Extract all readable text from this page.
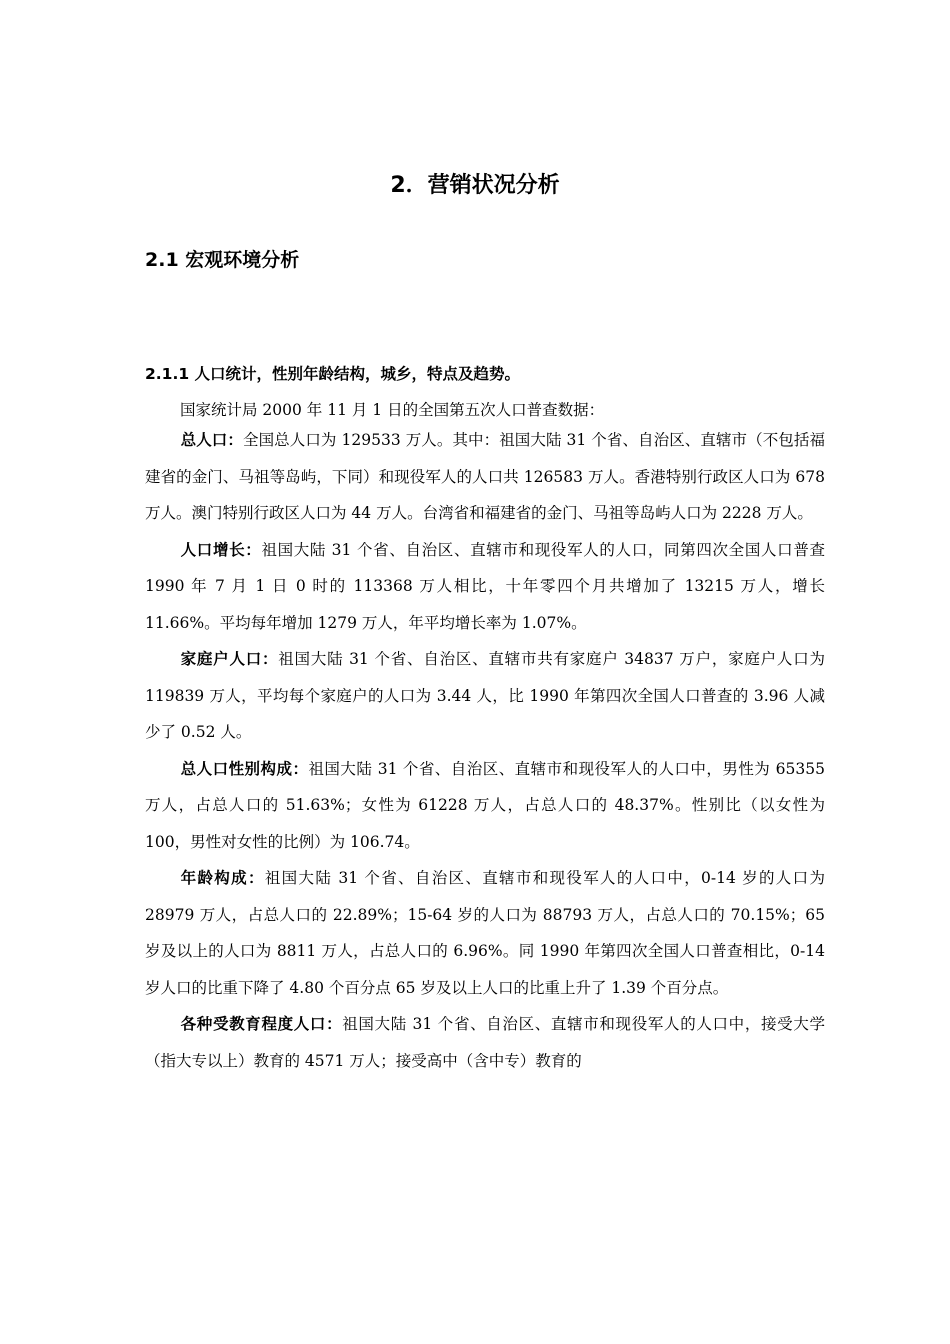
2．营销状况分析
2.1 宏观环境分析
2.1.1 人口统计，性别年龄结构，城乡，特点及趋势。
国家统计局 2000 年 11 月 1 日的全国第五次人口普查数据：

总人口：全国总人口为 129533 万人。其中：祖国大陆 31 个省、自治区、直辖市（不包括福建省的金门、马祖等岛屿，下同）和现役军人的人口共 126583 万人。香港特别行政区人口为 678 万人。澳门特别行政区人口为 44 万人。台湾省和福建省的金门、马祖等岛屿人口为 2228 万人。

人口增长：祖国大陆 31 个省、自治区、直辖市和现役军人的人口，同第四次全国人口普查 1990 年 7 月 1 日 0 时的 113368 万人相比，十年零四个月共增加了 13215 万人，增长 11.66%。平均每年增加 1279 万人，年平均增长率为 1.07%。

家庭户人口：祖国大陆 31 个省、自治区、直辖市共有家庭户 34837 万户，家庭户人口为 119839 万人，平均每个家庭户的人口为 3.44 人，比 1990 年第四次全国人口普查的 3.96 人减少了 0.52 人。

总人口性别构成：祖国大陆 31 个省、自治区、直辖市和现役军人的人口中，男性为 65355 万人，占总人口的 51.63%；女性为 61228 万人，占总人口的 48.37%。性别比（以女性为 100，男性对女性的比例）为 106.74。

年龄构成：祖国大陆 31 个省、自治区、直辖市和现役军人的人口中，0-14 岁的人口为 28979 万人，占总人口的 22.89%；15-64 岁的人口为 88793 万人，占总人口的 70.15%；65 岁及以上的人口为 8811 万人，占总人口的 6.96%。同 1990 年第四次全国人口普查相比，0-14 岁人口的比重下降了 4.80 个百分点 65 岁及以上人口的比重上升了 1.39 个百分点。

各种受教育程度人口：祖国大陆 31 个省、自治区、直辖市和现役军人的人口中，接受大学（指大专以上）教育的 4571 万人；接受高中（含中专）教育的
